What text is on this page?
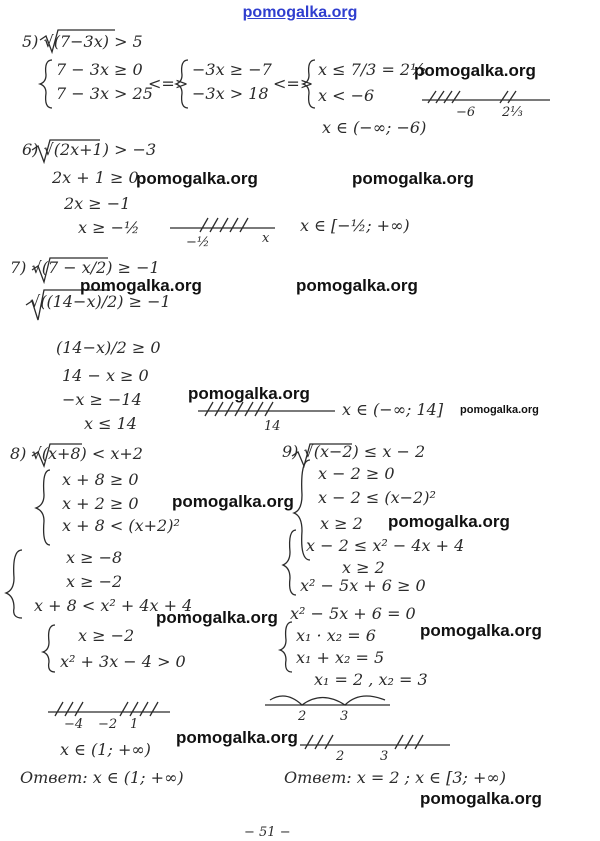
pomogalka.org
5) √(7−3x) > 5
7 − 3x ≥ 0
7 − 3x > 25
<=>
−3x ≥ −7
−3x > 18
<=>
x ≤ 7/3 = 2⅓
x < −6
−6 2⅓
x ∈ (−∞; −6)
6) √(2x+1) > −3
2x + 1 ≥ 0
2x ≥ −1
x ≥ −½
−½	x
x ∈ [−½; +∞)
7) √(7 − x/2) ≥ −1
√((14−x)/2) ≥ −1
(14−x)/2 ≥ 0
14 − x ≥ 0
−x ≥ −14
x ≤ 14	14
x ∈ (−∞; 14]
8) √(x+8) < x+2
x + 8 ≥ 0
x + 2 ≥ 0
x + 8 < (x+2)²
x ≥ −8
x ≥ −2
x + 8 < x² + 4x + 4
x ≥ −2
x² + 3x − 4 > 0
−4 −2 1
x ∈ (1; +∞)
Ответ: x ∈ (1; +∞)
9) √(x−2) ≤ x − 2
x − 2 ≥ 0
x − 2 ≤ (x−2)²
x ≥ 2
x − 2 ≤ x² − 4x + 4
x ≥ 2
x² − 5x + 6 ≥ 0
x² − 5x + 6 = 0
x₁ · x₂ = 6
x₁ + x₂ = 5
x₁ = 2 , x₂ = 3
2	3
2	3
Ответ: x = 2 ; x ∈ [3; +∞)
− 51 −
pomogalka.org
pomogalka.org	pomogalka.org
pomogalka.org	pomogalka.org
pomogalka.org
pomogalka.org
pomogalka.org
pomogalka.org
pomogalka.org
pomogalka.org
pomogalka.org
pomogalka.org
